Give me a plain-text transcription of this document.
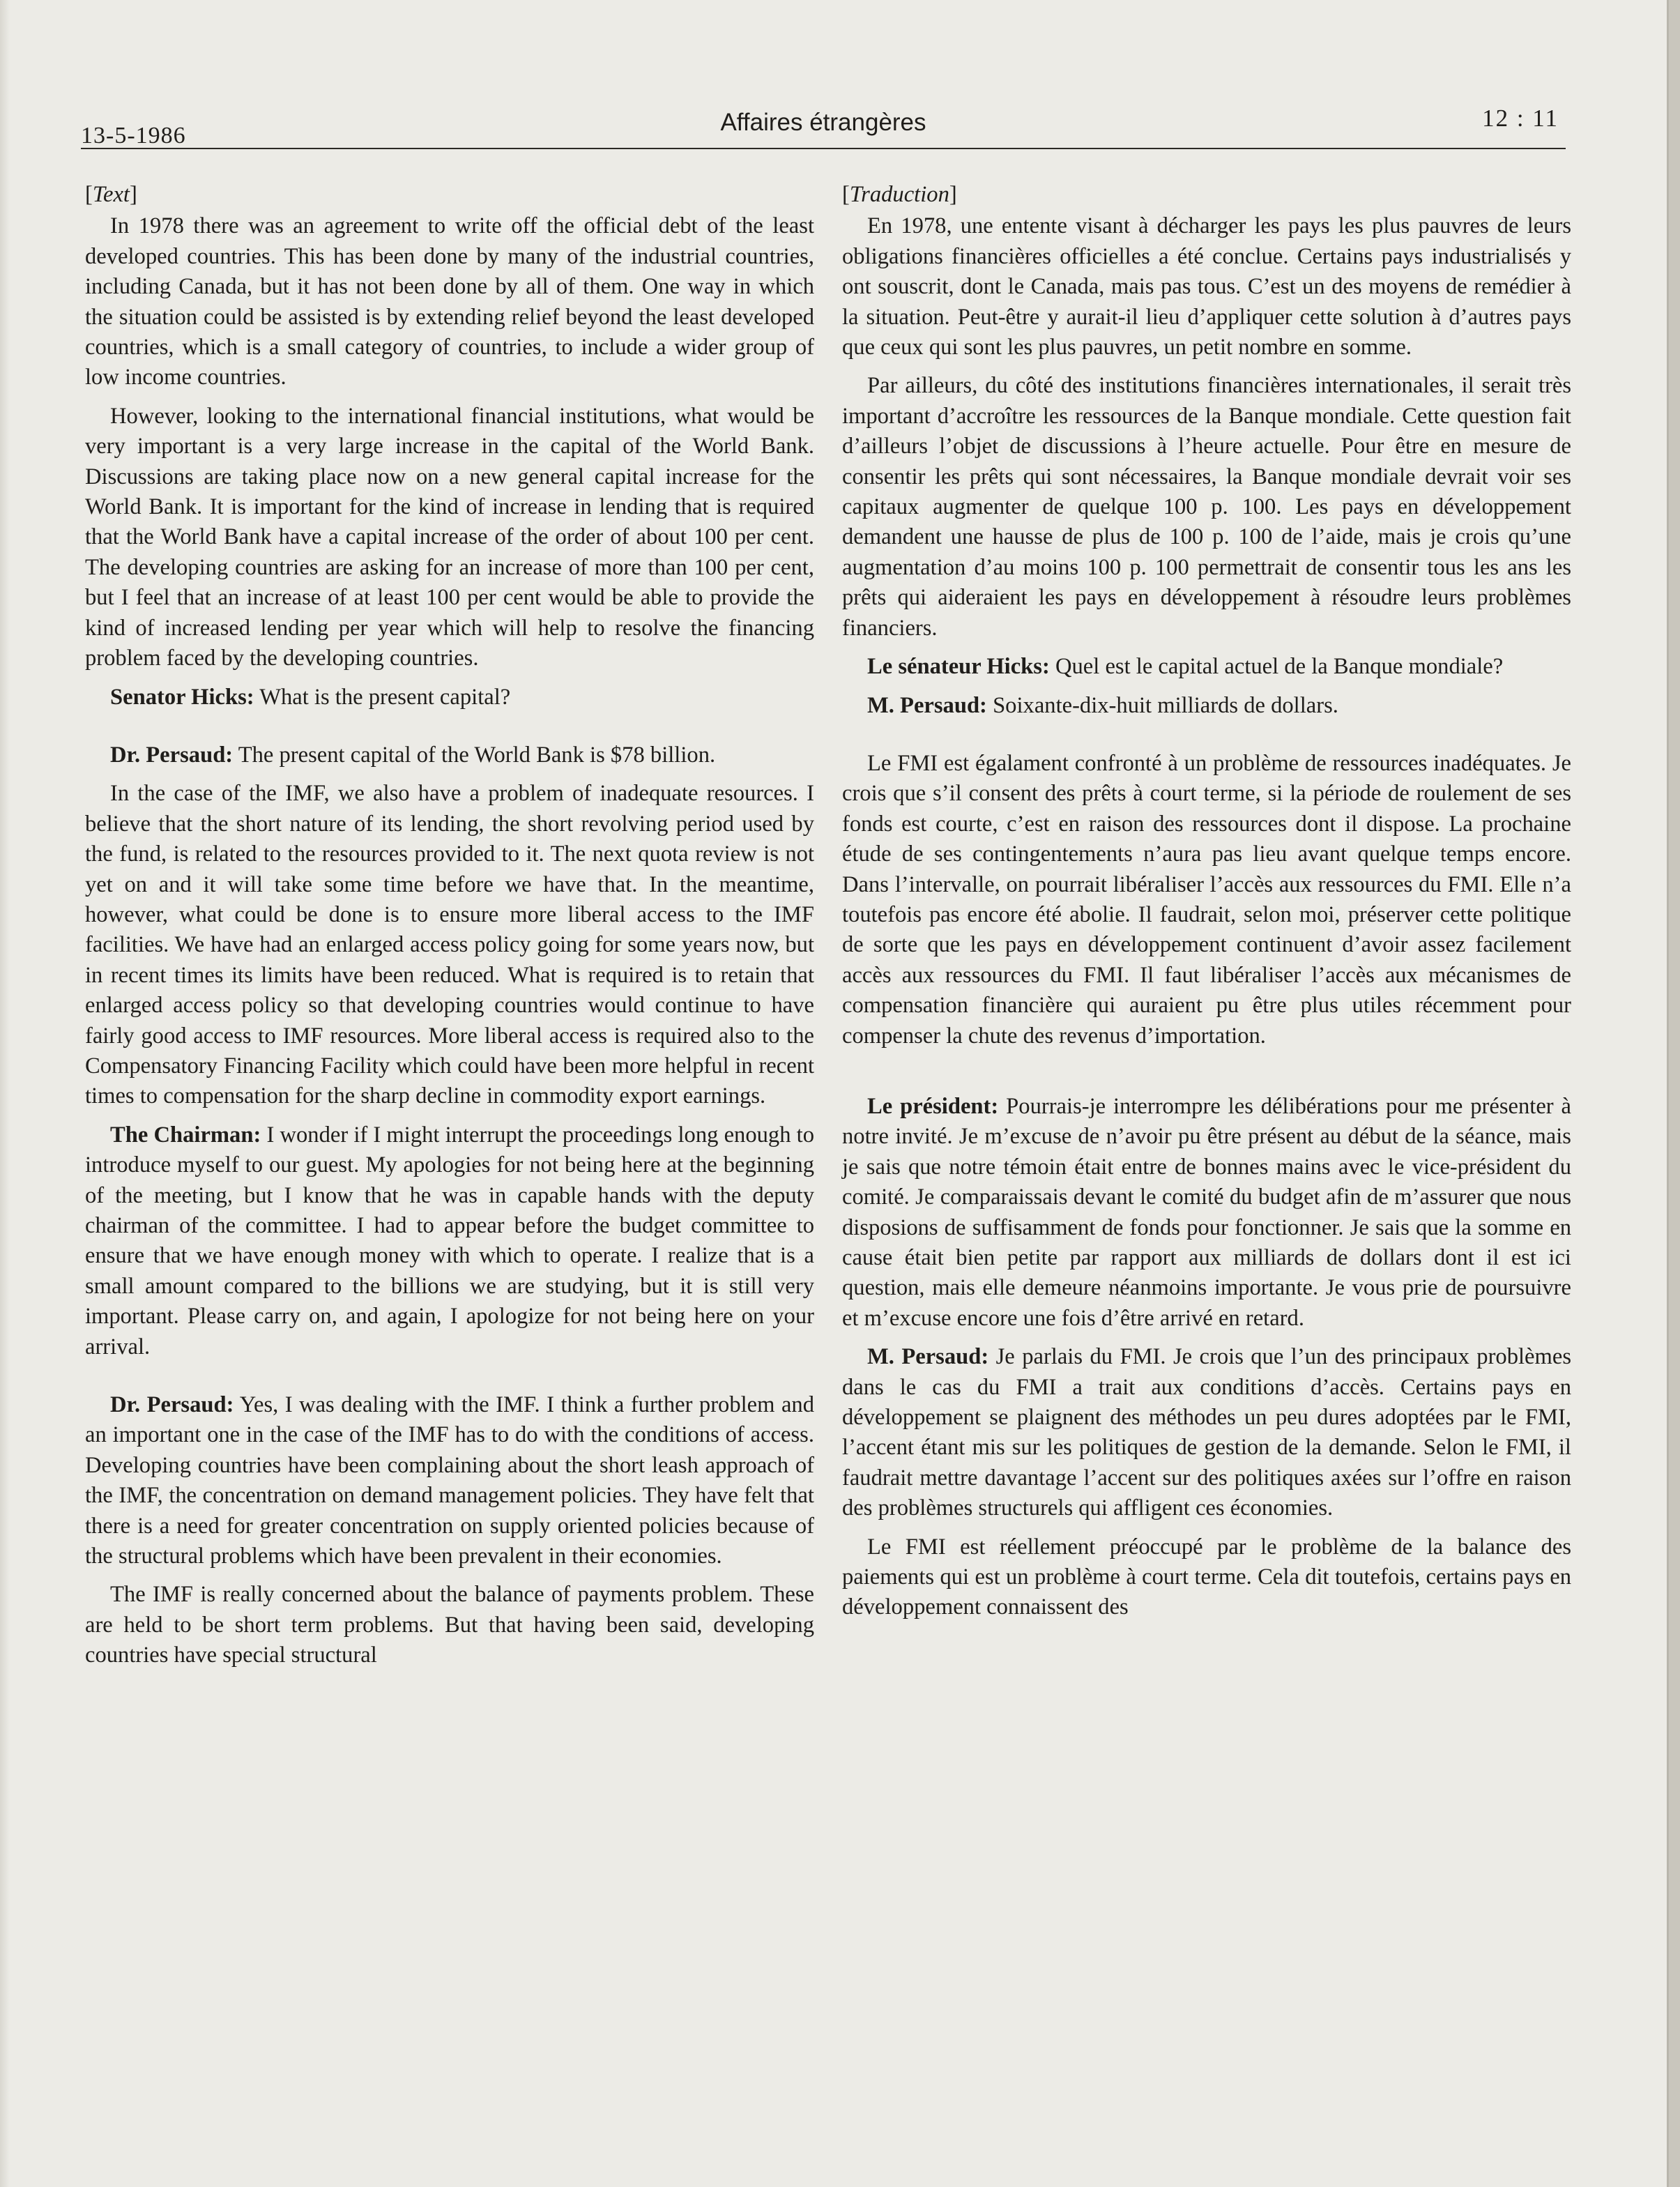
13-5-1986	Affaires étrangères	12 : 11

[Text]

In 1978 there was an agreement to write off the official debt of the least developed countries. This has been done by many of the industrial countries, including Canada, but it has not been done by all of them. One way in which the situation could be assisted is by extending relief beyond the least developed countries, which is a small category of countries, to include a wider group of low income countries.

However, looking to the international financial institutions, what would be very important is a very large increase in the capital of the World Bank. Discussions are taking place now on a new general capital increase for the World Bank. It is important for the kind of increase in lending that is required that the World Bank have a capital increase of the order of about 100 per cent. The developing countries are asking for an increase of more than 100 per cent, but I feel that an increase of at least 100 per cent would be able to provide the kind of increased lending per year which will help to resolve the financing problem faced by the developing countries.

Senator Hicks: What is the present capital?

Dr. Persaud: The present capital of the World Bank is $78 billion.

In the case of the IMF, we also have a problem of inadequate resources. I believe that the short nature of its lending, the short revolving period used by the fund, is related to the resources provided to it. The next quota review is not yet on and it will take some time before we have that. In the meantime, however, what could be done is to ensure more liberal access to the IMF facilities. We have had an enlarged access policy going for some years now, but in recent times its limits have been reduced. What is required is to retain that enlarged access policy so that developing countries would continue to have fairly good access to IMF resources. More liberal access is required also to the Compensatory Financing Facility which could have been more helpful in recent times to compensation for the sharp decline in commodity export earnings.

The Chairman: I wonder if I might interrupt the proceedings long enough to introduce myself to our guest. My apologies for not being here at the beginning of the meeting, but I know that he was in capable hands with the deputy chairman of the committee. I had to appear before the budget committee to ensure that we have enough money with which to operate. I realize that is a small amount compared to the billions we are studying, but it is still very important. Please carry on, and again, I apologize for not being here on your arrival.

Dr. Persaud: Yes, I was dealing with the IMF. I think a further problem and an important one in the case of the IMF has to do with the conditions of access. Developing countries have been complaining about the short leash approach of the IMF, the concentration on demand management policies. They have felt that there is a need for greater concentration on supply oriented policies because of the structural problems which have been prevalent in their economies.

The IMF is really concerned about the balance of payments problem. These are held to be short term problems. But that having been said, developing countries have special structural

[Traduction]

En 1978, une entente visant à décharger les pays les plus pauvres de leurs obligations financières officielles a été conclue. Certains pays industrialisés y ont souscrit, dont le Canada, mais pas tous. C’est un des moyens de remédier à la situation. Peut-être y aurait-il lieu d’appliquer cette solution à d’autres pays que ceux qui sont les plus pauvres, un petit nombre en somme.

Par ailleurs, du côté des institutions financières internationales, il serait très important d’accroître les ressources de la Banque mondiale. Cette question fait d’ailleurs l’objet de discussions à l’heure actuelle. Pour être en mesure de consentir les prêts qui sont nécessaires, la Banque mondiale devrait voir ses capitaux augmenter de quelque 100 p. 100. Les pays en développement demandent une hausse de plus de 100 p. 100 de l’aide, mais je crois qu’une augmentation d’au moins 100 p. 100 permettrait de consentir tous les ans les prêts qui aideraient les pays en développement à résoudre leurs problèmes financiers.

Le sénateur Hicks: Quel est le capital actuel de la Banque mondiale?

M. Persaud: Soixante-dix-huit milliards de dollars.

Le FMI est égalament confronté à un problème de ressources inadéquates. Je crois que s’il consent des prêts à court terme, si la période de roulement de ses fonds est courte, c’est en raison des ressources dont il dispose. La prochaine étude de ses contingentements n’aura pas lieu avant quelque temps encore. Dans l’intervalle, on pourrait libéraliser l’accès aux ressources du FMI. Elle n’a toutefois pas encore été abolie. Il faudrait, selon moi, préserver cette politique de sorte que les pays en développement continuent d’avoir assez facilement accès aux ressources du FMI. Il faut libéraliser l’accès aux mécanismes de compensation financière qui auraient pu être plus utiles récemment pour compenser la chute des revenus d’importation.

Le président: Pourrais-je interrompre les délibérations pour me présenter à notre invité. Je m’excuse de n’avoir pu être présent au début de la séance, mais je sais que notre témoin était entre de bonnes mains avec le vice-président du comité. Je comparaissais devant le comité du budget afin de m’assurer que nous disposions de suffisamment de fonds pour fonctionner. Je sais que la somme en cause était bien petite par rapport aux milliards de dollars dont il est ici question, mais elle demeure néanmoins importante. Je vous prie de poursuivre et m’excuse encore une fois d’être arrivé en retard.

M. Persaud: Je parlais du FMI. Je crois que l’un des principaux problèmes dans le cas du FMI a trait aux conditions d’accès. Certains pays en développement se plaignent des méthodes un peu dures adoptées par le FMI, l’accent étant mis sur les politiques de gestion de la demande. Selon le FMI, il faudrait mettre davantage l’accent sur des politiques axées sur l’offre en raison des problèmes structurels qui affligent ces économies.

Le FMI est réellement préoccupé par le problème de la balance des paiements qui est un problème à court terme. Cela dit toutefois, certains pays en développement connaissent des
